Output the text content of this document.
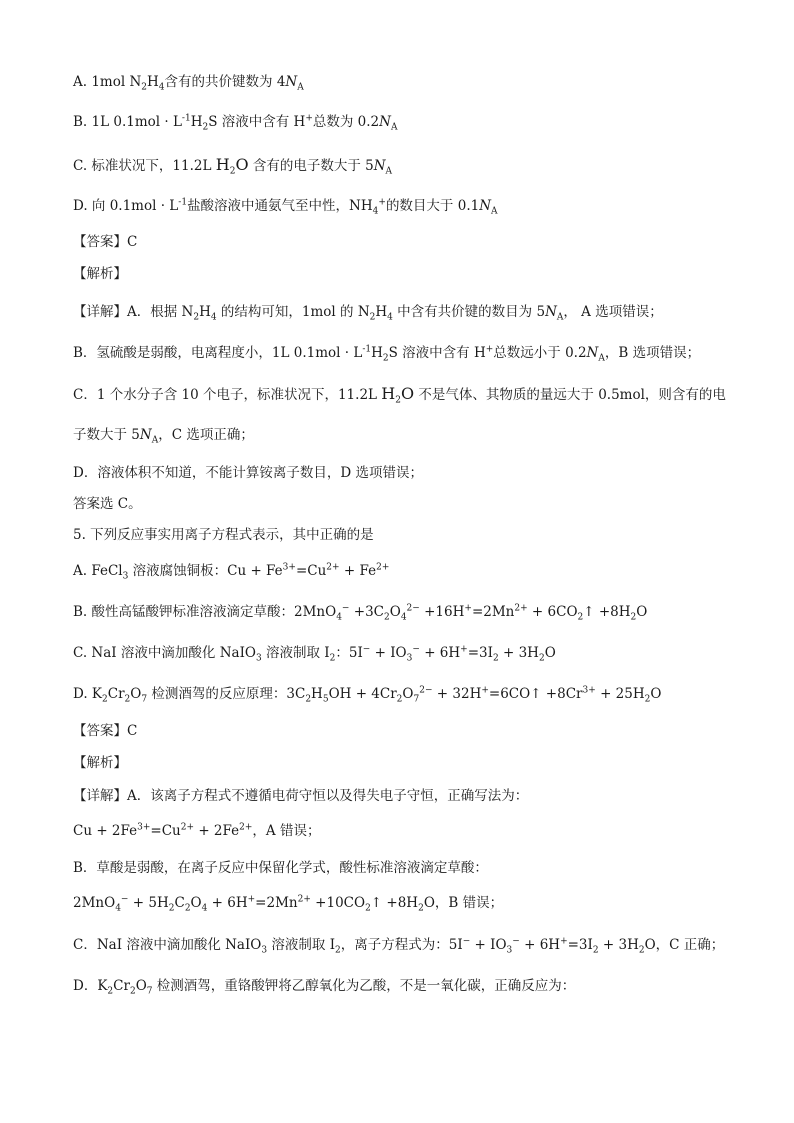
A. 1mol $N_2H_4$含有的共价键数为 $4N_A$
B. 1L $0.1mol \cdot L^{-1}H_2S$ 溶液中含有 H+总数为 $0.2N_A$
C. 标准状况下，11.2L $H_2O$ 含有的电子数大于 $5N_A$
D. 向 $0.1mol \cdot L^{-1}$盐酸溶液中通氨气至中性，$NH_4^+$的数目大于 $0.1N_A$
【答案】C
【解析】
【详解】A．根据 $N_2H_4$ 的结构可知，1mol 的 $N_2H_4$ 中含有共价键的数目为 $5N_A$， A 选项错误；
B．氢硫酸是弱酸，电离程度小，1L $0.1mol \cdot L^{-1}H_2S$ 溶液中含有 H+总数远小于 $0.2N_A$，B 选项错误；
C．1 个水分子含 10 个电子，标准状况下，11.2L $H_2O$ 不是气体、其物质的量远大于 0.5mol，则含有的电
子数大于 $5N_A$，C 选项正确；
D．溶液体积不知道，不能计算铵离子数目，D 选项错误；
答案选 C。
5. 下列反应事实用离子方程式表示，其中正确的是
A. FeCl$_3$ 溶液腐蚀铜板：$Cu + Fe^{3+}=Cu^{2+} + Fe^{2+}$
B. 酸性高锰酸钾标准溶液滴定草酸：$2MnO_4^- +3C_2O_4^{2-} +16H^+=2Mn^{2+}$ + $6CO_2↑ +8H_2O$
C. NaI 溶液中滴加酸化 NaIO$_3$ 溶液制取 $I_2$：$5I^- + IO_3^- + 6H^+=3I_2 + 3H_2O$
D. $K_2Cr_2O_7$ 检测酒驾的反应原理：$3C_2H_5OH + 4Cr_2O_7^{2-}$ + 32H+=6CO↑ $+8Cr^{3+} + 25H_2O$
【答案】C
【解析】
【详解】A．该离子方程式不遵循电荷守恒以及得失电子守恒，正确写法为：
$Cu + 2Fe^{3+}=Cu^{2+} + 2Fe^{2+}$，A 错误；
B．草酸是弱酸，在离子反应中保留化学式，酸性标准溶液滴定草酸：
$2MnO_4^- + 5H_2C_2O_4 + 6H^+=2Mn^{2+}$ $+10CO_2↑ +8H_2O$，B 错误；
C．NaI 溶液中滴加酸化 NaIO$_3$ 溶液制取 $I_2$，离子方程式为：$5I^- + IO_3^- + 6H^+=3I_2 + 3H_2O$，C 正确；
D．$K_2Cr_2O_7$ 检测酒驾，重铬酸钾将乙醇氧化为乙酸，不是一氧化碳，正确反应为：
